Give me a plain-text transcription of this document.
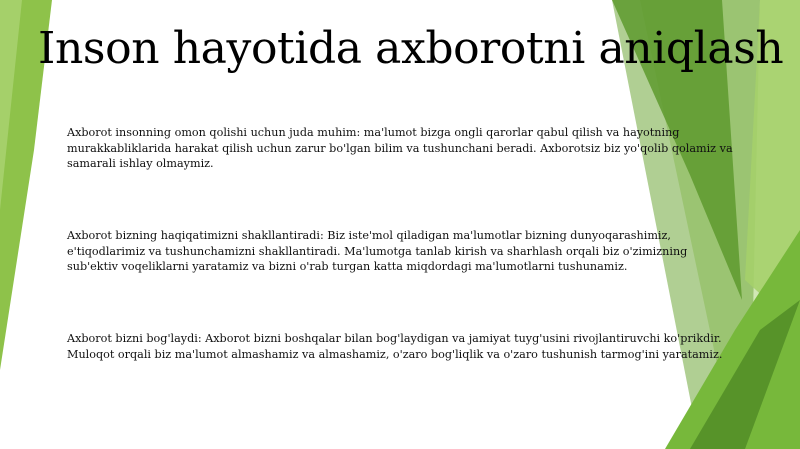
Inson hayotida axborotni aniqlash
Axborot insonning omon qolishi uchun juda muhim: ma'lumot bizga ongli qarorlar qabul qilish va hayotning murakkabliklarida harakat qilish uchun zarur bo'lgan bilim va tushunchani beradi. Axborotsiz biz yo'qolib qolamiz va samarali ishlay olmaymiz.
Axborot bizning haqiqatimizni shakllantiradi: Biz iste'mol qiladigan ma'lumotlar bizning dunyoqarashimiz, e'tiqodlarimiz va tushunchamizni shakllantiradi. Ma'lumotga tanlab kirish va sharhlash orqali biz o'zimizning sub'ektiv voqeliklarni yaratamiz va bizni o'rab turgan katta miqdordagi ma'lumotlarni tushunamiz.
Axborot bizni bog'laydi: Axborot bizni boshqalar bilan bog'laydigan va jamiyat tuyg'usini rivojlantiruvchi ko'prikdir. Muloqot orqali biz ma'lumot almashamiz va almashamiz, o'zaro bog'liqlik va o'zaro tushunish tarmog'ini yaratamiz.
